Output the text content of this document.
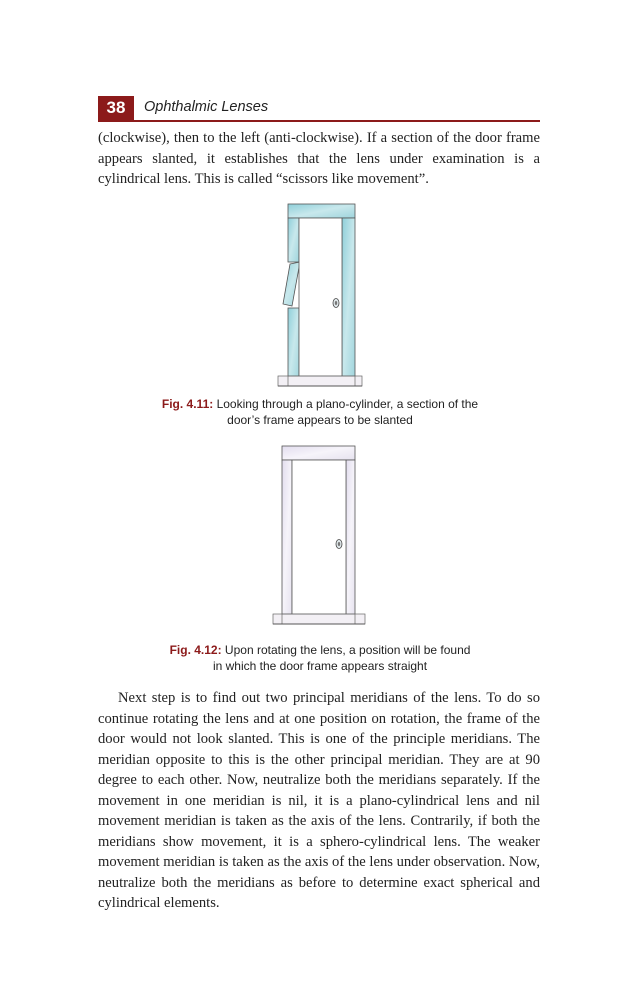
38	Ophthalmic Lenses

(clockwise), then to the left (anti-clockwise). If a section of the door frame appears slanted, it establishes that the lens under examination is a cylindrical lens. This is called “scissors like movement”.

Fig. 4.11: Looking through a plano-cylinder, a section of the
door’s frame appears to be slanted
Fig. 4.12: Upon rotating the lens, a position will be found
in which the door frame appears straight

Next step is to find out two principal meridians of the lens. To do so continue rotating the lens and at one position on rotation, the frame of the door would not look slanted. This is one of the principle meridians. The meridian opposite to this is the other principal meridian. They are at 90 degree to each other. Now, neutralize both the meridians separately. If the movement in one meridian is nil, it is a plano-cylindrical lens and nil movement meridian is taken as the axis of the lens. Contrarily, if both the meridians show movement, it is a sphero-cylindrical lens. The weaker movement meridian is taken as the axis of the lens under observation. Now, neutralize both the meridians as before to determine exact spherical and cylindrical elements.
